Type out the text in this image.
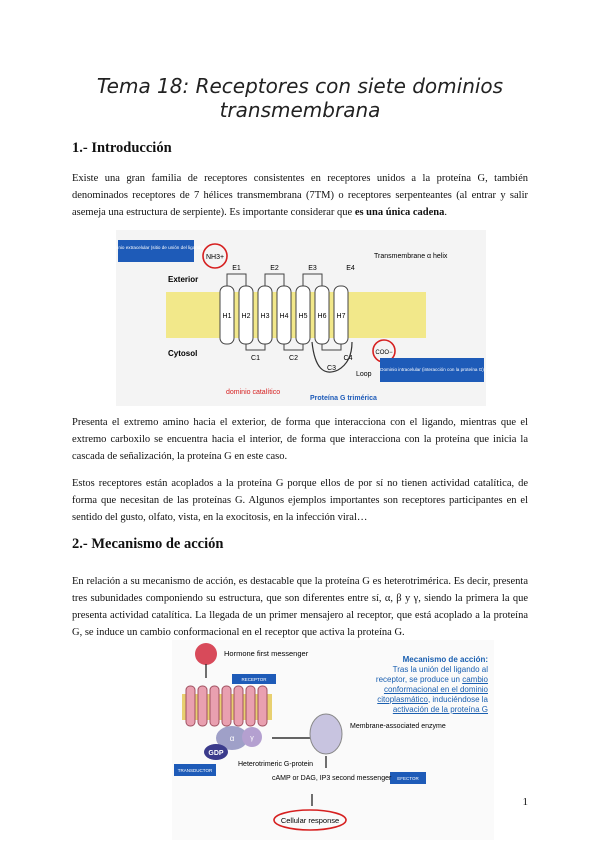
Tema 18: Receptores con siete dominios transmembrana
1.- Introducción

Existe una gran familia de receptores consistentes en receptores unidos a la proteína G, también denominados receptores de 7 hélices transmembrana (7TM) o receptores serpenteantes (al entrar y salir asemeja una estructura de serpiente). Es importante considerar que es una única cadena.

Exterior
Cytosol
Dominio extracelular (sitio de unión del ligando)
NH3+
H1 H2 H3 H4 H5 H6 H7
E1	E2	E3	E4
C1	C2
C3
C4
Transmembrane α helix
COO−
Loop
dominio catalítico
Proteína G trimérica
Dominio intracelular (interacción con la proteína G)

Presenta el extremo amino hacia el exterior, de forma que interacciona con el ligando, mientras que el extremo carboxilo se encuentra hacia el interior, de forma que interacciona con la proteína que inicia la cascada de señalización, la proteína G en este caso.

Estos receptores están acoplados a la proteína G porque ellos de por sí no tienen actividad catalítica, de forma que necesitan de las proteínas G. Algunos ejemplos importantes son receptores participantes en el sentido del gusto, olfato, vista, en la exocitosis, en la infección viral…

2.- Mecanismo de acción

En relación a su mecanismo de acción, es destacable que la proteína G es heterotrimérica. Es decir, presenta tres subunidades componiendo su estructura, que son diferentes entre sí, α, β y γ, siendo la primera la que presenta actividad catalítica. La llegada de un primer mensajero al receptor, que está acoplado a la proteína G, se induce un cambio conformacional en el receptor que activa la proteína G.

Hormone first messenger
RECEPTOR
α γ
GDP
Heterotrimeric G-protein
TRANSDUCTOR
Membrane-associated enzyme
EFECTOR
cAMP or DAG, IP3 second messenger
Cellular response
Mecanismo de acción:
Tras la unión del ligando al receptor, se produce un cambio conformacional en el dominio citoplasmático, induciéndose la activación de la proteína G
1
